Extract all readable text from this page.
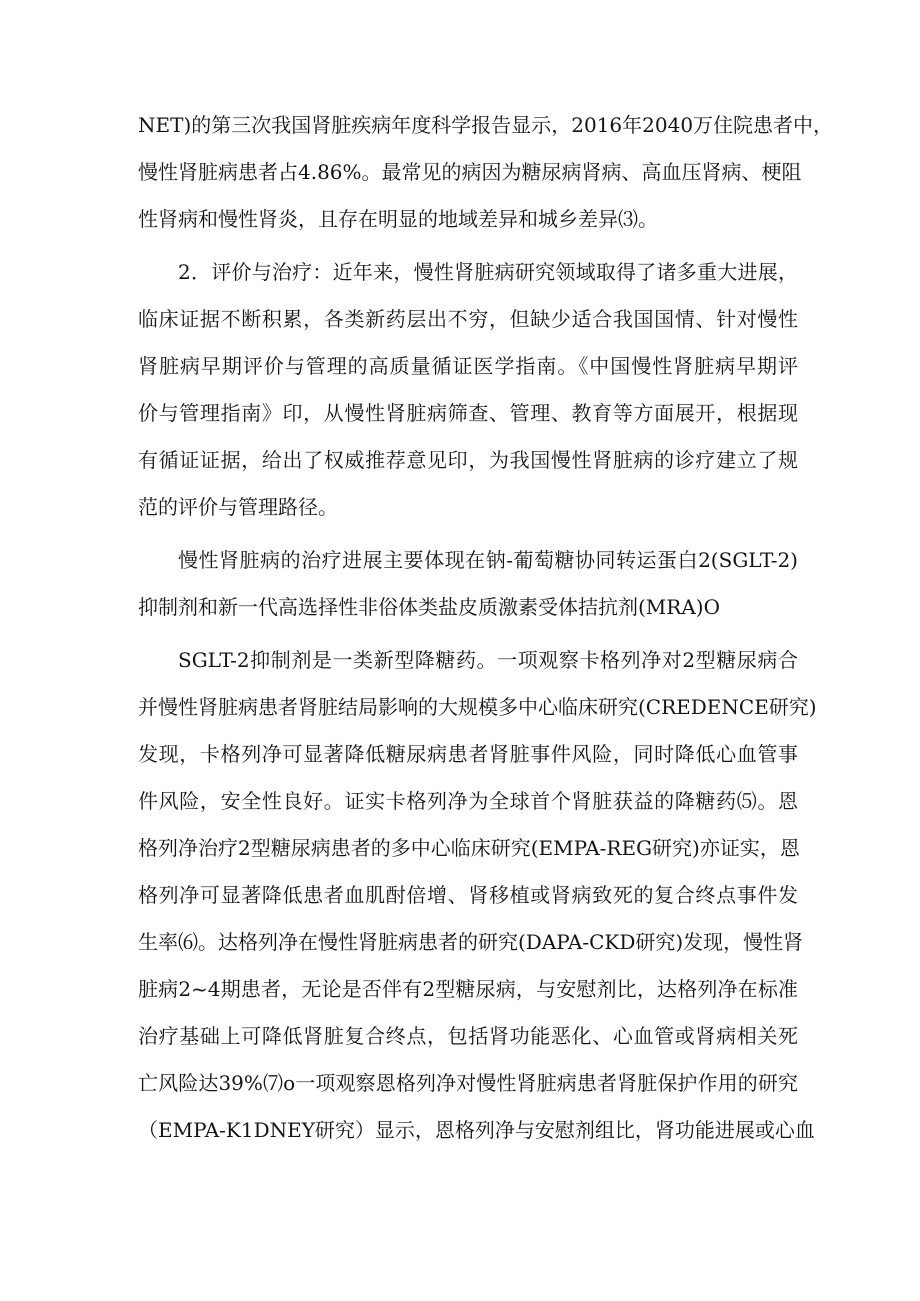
NET)的第三次我国肾脏疾病年度科学报告显示，2016年2040万住院患者中，
慢性肾脏病患者占4.86%。最常见的病因为糖尿病肾病、高血压肾病、梗阻
性肾病和慢性肾炎，且存在明显的地域差异和城乡差异⑶。
2．评价与治疗：近年来，慢性肾脏病研究领域取得了诸多重大进展，
临床证据不断积累，各类新药层出不穷，但缺少适合我国国情、针对慢性
肾脏病早期评价与管理的高质量循证医学指南。《中国慢性肾脏病早期评
价与管理指南》印，从慢性肾脏病筛查、管理、教育等方面展开，根据现
有循证证据，给出了权威推荐意见印，为我国慢性肾脏病的诊疗建立了规
范的评价与管理路径。
慢性肾脏病的治疗进展主要体现在钠-葡萄糖协同转运蛋白2(SGLT-2)
抑制剂和新一代高选择性非俗体类盐皮质激素受体拮抗剂(MRA)O
SGLT-2抑制剂是一类新型降糖药。一项观察卡格列净对2型糖尿病合
并慢性肾脏病患者肾脏结局影响的大规模多中心临床研究(CREDENCE研究)
发现，卡格列净可显著降低糖尿病患者肾脏事件风险，同时降低心血管事
件风险，安全性良好。证实卡格列净为全球首个肾脏获益的降糖药⑸。恩
格列净治疗2型糖尿病患者的多中心临床研究(EMPA-REG研究)亦证实，恩
格列净可显著降低患者血肌酎倍增、肾移植或肾病致死的复合终点事件发
生率⑹。达格列净在慢性肾脏病患者的研究(DAPA-CKD研究)发现，慢性肾
脏病2~4期患者，无论是否伴有2型糖尿病，与安慰剂比，达格列净在标准
治疗基础上可降低肾脏复合终点，包括肾功能恶化、心血管或肾病相关死
亡风险达39%⑺o一项观察恩格列净对慢性肾脏病患者肾脏保护作用的研究
（EMPA-K1DNEY研究）显示，恩格列净与安慰剂组比，肾功能进展或心血
